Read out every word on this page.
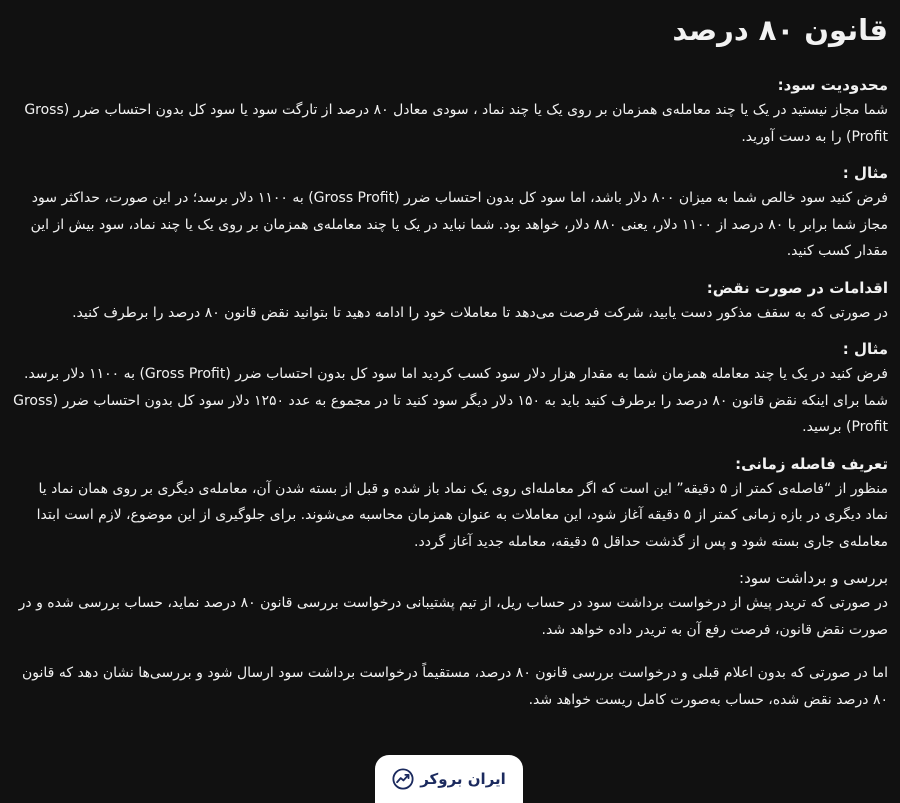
قانون ۸۰ درصد
محدودیت سود:

شما مجاز نیستید در یک یا چند معامله‌ی همزمان بر روی یک یا چند نماد ، سودی معادل ۸۰ درصد از تارگت سود یا سود کل بدون احتساب ضرر (Gross Profit) را به دست آورید.

مثال :

فرض کنید سود خالص شما به میزان ۸۰۰ دلار باشد، اما سود کل بدون احتساب ضرر (Gross Profit) به ۱۱۰۰ دلار برسد؛ در این صورت، حداکثر سود مجاز شما برابر با ۸۰ درصد از ۱۱۰۰ دلار، یعنی ۸۸۰ دلار، خواهد بود. شما نباید در یک یا چند معامله‌ی همزمان بر روی یک یا چند نماد، سود بیش از این مقدار کسب کنید.

اقدامات در صورت نقض:

در صورتی که به سقف مذکور دست یابید، شرکت فرصت می‌دهد تا معاملات خود را ادامه دهید تا بتوانید نقض قانون ۸۰ درصد را برطرف کنید.

مثال :

فرض کنید در یک یا چند معامله همزمان شما به مقدار هزار دلار سود کسب کردید اما سود کل بدون احتساب ضرر (Gross Profit) به ۱۱۰۰ دلار برسد. شما برای اینکه نقض قانون ۸۰ درصد را برطرف کنید باید به ۱۵۰ دلار دیگر سود کنید تا در مجموع به عدد ۱۲۵۰ دلار سود کل بدون احتساب ضرر (Gross Profit) برسید.

تعریف فاصله زمانی:

منظور از “فاصله‌ی کمتر از ۵ دقیقه” این است که اگر معامله‌ای روی یک نماد باز شده و قبل از بسته شدن آن، معامله‌ی دیگری بر روی همان نماد یا نماد دیگری در بازه زمانی کمتر از ۵ دقیقه آغاز شود، این معاملات به عنوان همزمان محاسبه می‌شوند. برای جلوگیری از این موضوع، لازم است ابتدا معامله‌ی جاری بسته شود و پس از گذشت حداقل ۵ دقیقه، معامله جدید آغاز گردد.

بررسی و برداشت سود:

در صورتی که تریدر پیش از درخواست برداشت سود در حساب ریل، از تیم پشتیبانی درخواست بررسی قانون ۸۰ درصد نماید، حساب بررسی شده و در صورت نقض قانون، فرصت رفع آن به تریدر داده خواهد شد.

اما در صورتی که بدون اعلام قبلی و درخواست بررسی قانون ۸۰ درصد، مستقیماً درخواست برداشت سود ارسال شود و بررسی‌ها نشان دهد که قانون ۸۰ درصد نقض شده، حساب به‌صورت کامل ریست خواهد شد.

ایران بروکر
